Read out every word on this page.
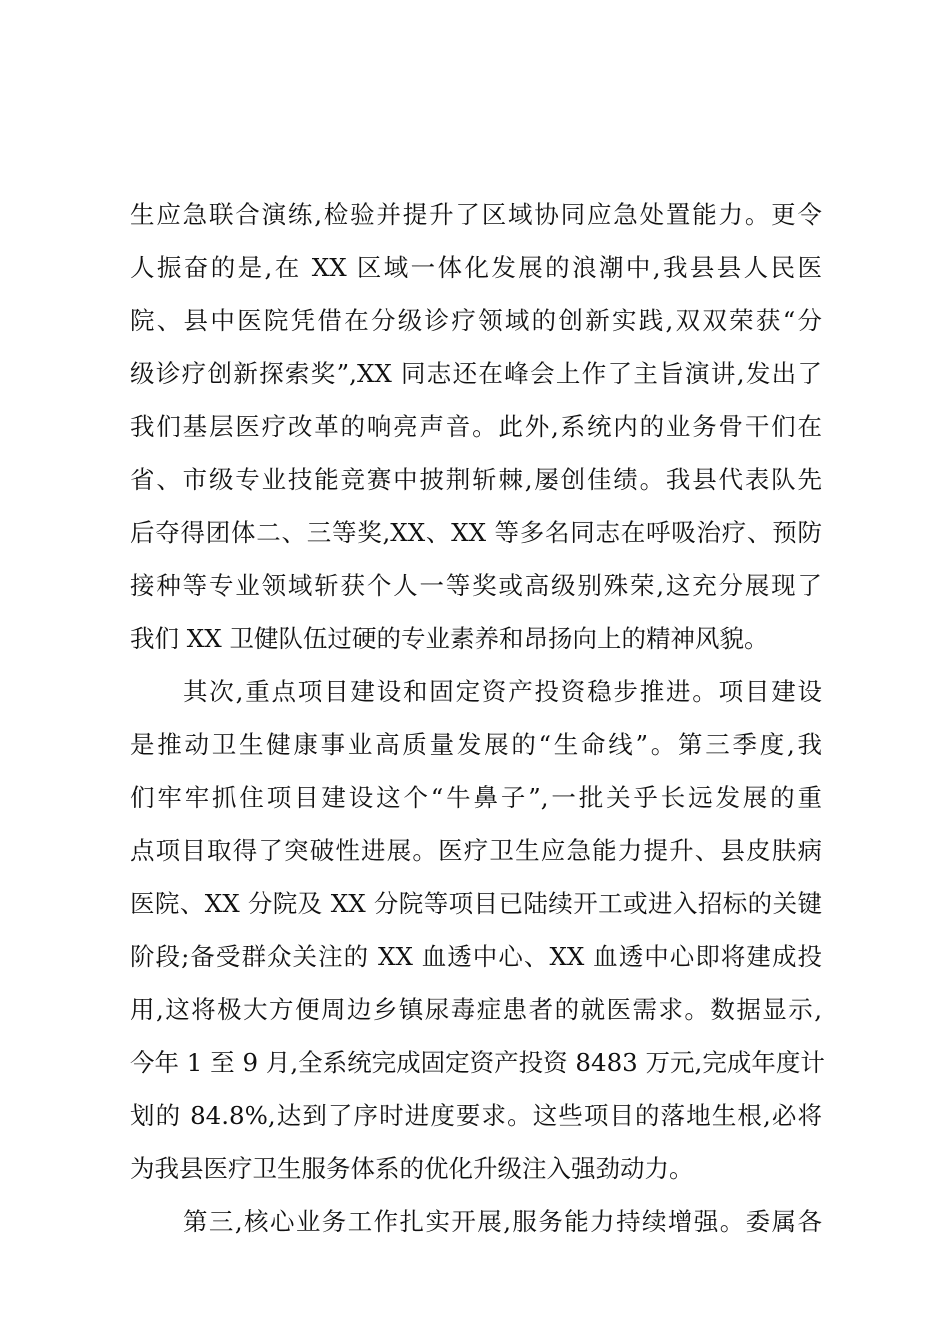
生应急联合演练,检验并提升了区域协同应急处置能力。更令
人振奋的是,在 XX 区域一体化发展的浪潮中,我县县人民医
院、县中医院凭借在分级诊疗领域的创新实践,双双荣获“分
级诊疗创新探索奖”,XX 同志还在峰会上作了主旨演讲,发出了
我们基层医疗改革的响亮声音。此外,系统内的业务骨干们在
省、市级专业技能竞赛中披荆斩棘,屡创佳绩。我县代表队先
后夺得团体二、三等奖,XX、XX 等多名同志在呼吸治疗、预防
接种等专业领域斩获个人一等奖或高级别殊荣,这充分展现了
我们 XX 卫健队伍过硬的专业素养和昂扬向上的精神风貌。
其次,重点项目建设和固定资产投资稳步推进。项目建设
是推动卫生健康事业高质量发展的“生命线”。第三季度,我
们牢牢抓住项目建设这个“牛鼻子”,一批关乎长远发展的重
点项目取得了突破性进展。医疗卫生应急能力提升、县皮肤病
医院、XX 分院及 XX 分院等项目已陆续开工或进入招标的关键
阶段;备受群众关注的 XX 血透中心、XX 血透中心即将建成投
用,这将极大方便周边乡镇尿毒症患者的就医需求。数据显示,
今年 1 至 9 月,全系统完成固定资产投资 8483 万元,完成年度计
划的 84.8%,达到了序时进度要求。这些项目的落地生根,必将
为我县医疗卫生服务体系的优化升级注入强劲动力。
第三,核心业务工作扎实开展,服务能力持续增强。委属各
